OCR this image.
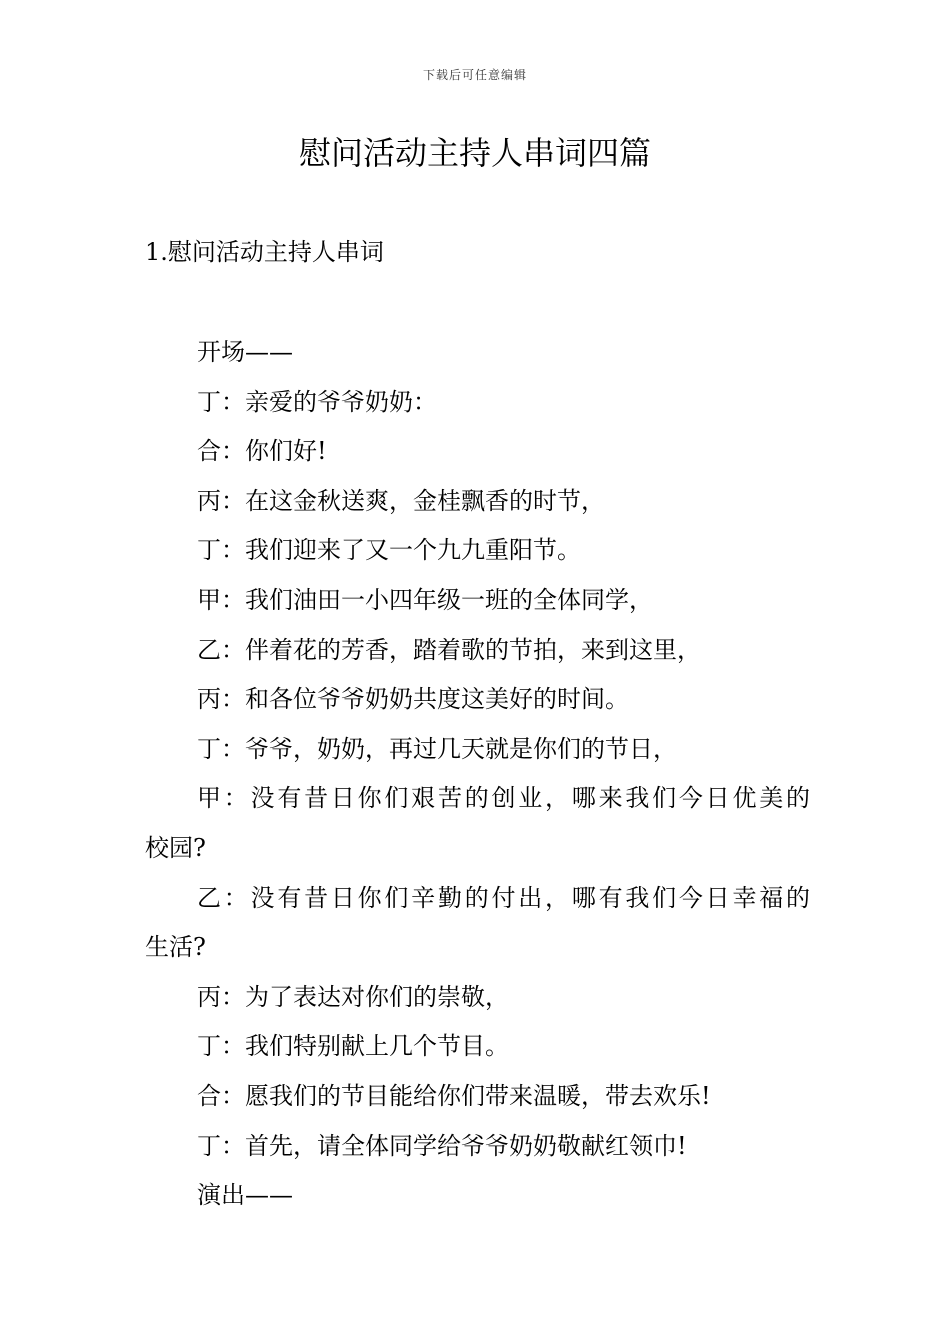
下载后可任意编辑
慰问活动主持人串词四篇
1.慰问活动主持人串词
开场——
丁：亲爱的爷爷奶奶：
合：你们好!
丙：在这金秋送爽，金桂飘香的时节，
丁：我们迎来了又一个九九重阳节。
甲：我们油田一小四年级一班的全体同学，
乙：伴着花的芳香，踏着歌的节拍，来到这里，
丙：和各位爷爷奶奶共度这美好的时间。
丁：爷爷，奶奶，再过几天就是你们的节日，
甲：没有昔日你们艰苦的创业，哪来我们今日优美的
校园?
乙：没有昔日你们辛勤的付出，哪有我们今日幸福的
生活?
丙：为了表达对你们的崇敬，
丁：我们特别献上几个节目。
合：愿我们的节目能给你们带来温暖，带去欢乐!
丁：首先，请全体同学给爷爷奶奶敬献红领巾!
演出——
